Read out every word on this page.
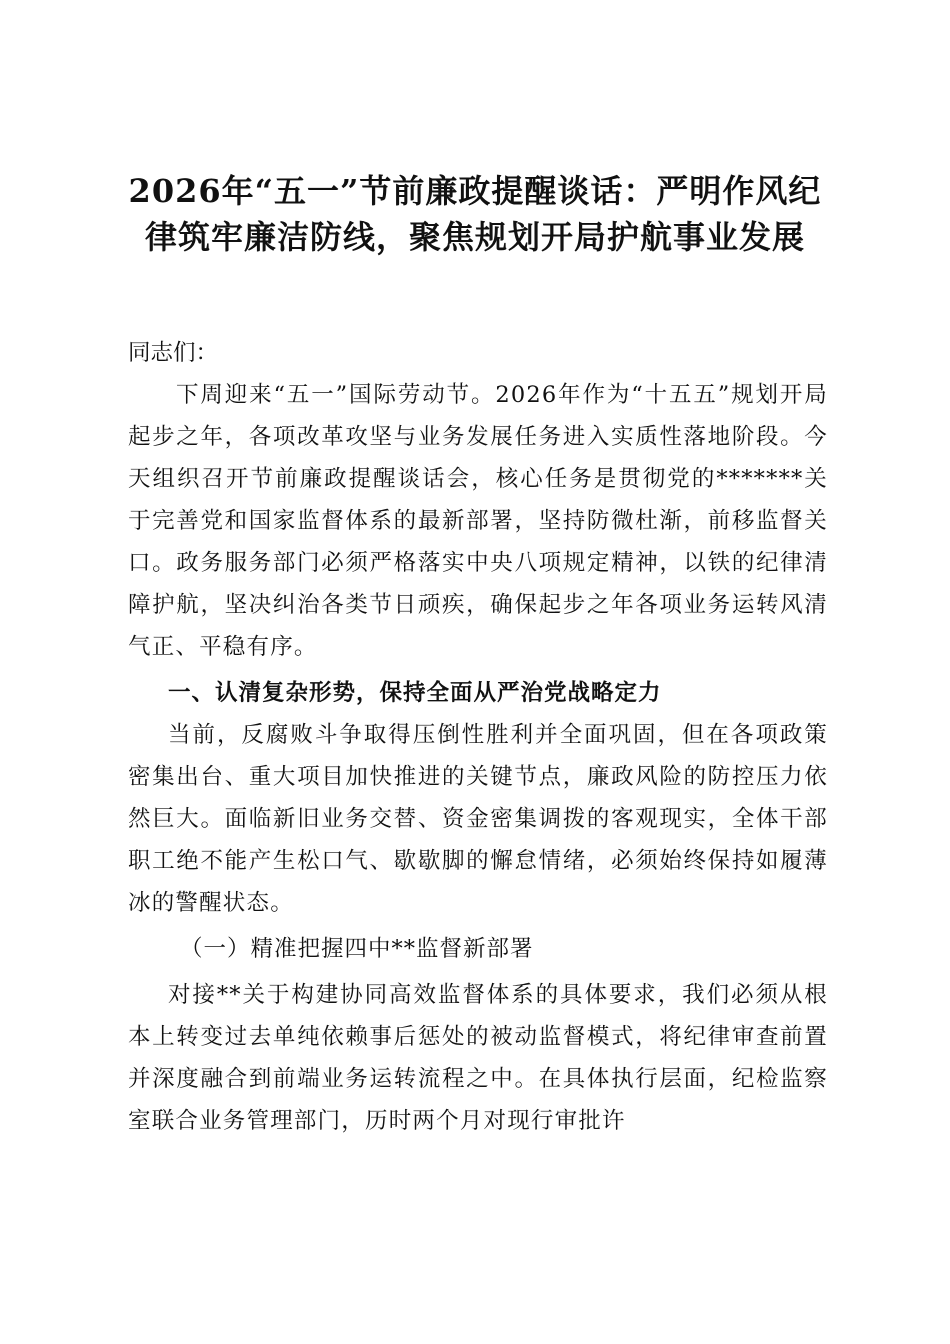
2026年“五一”节前廉政提醒谈话：严明作风纪律筑牢廉洁防线，聚焦规划开局护航事业发展

同志们：

下周迎来“五一”国际劳动节。2026年作为“十五五”规划开局起步之年，各项改革攻坚与业务发展任务进入实质性落地阶段。今天组织召开节前廉政提醒谈话会，核心任务是贯彻党的*******关于完善党和国家监督体系的最新部署，坚持防微杜渐，前移监督关口。政务服务部门必须严格落实中央八项规定精神，以铁的纪律清障护航，坚决纠治各类节日顽疾，确保起步之年各项业务运转风清气正、平稳有序。

一、认清复杂形势，保持全面从严治党战略定力

当前，反腐败斗争取得压倒性胜利并全面巩固，但在各项政策密集出台、重大项目加快推进的关键节点，廉政风险的防控压力依然巨大。面临新旧业务交替、资金密集调拨的客观现实，全体干部职工绝不能产生松口气、歇歇脚的懈怠情绪，必须始终保持如履薄冰的警醒状态。

（一）精准把握四中**监督新部署

对接**关于构建协同高效监督体系的具体要求，我们必须从根本上转变过去单纯依赖事后惩处的被动监督模式，将纪律审查前置并深度融合到前端业务运转流程之中。在具体执行层面，纪检监察室联合业务管理部门，历时两个月对现行审批许
